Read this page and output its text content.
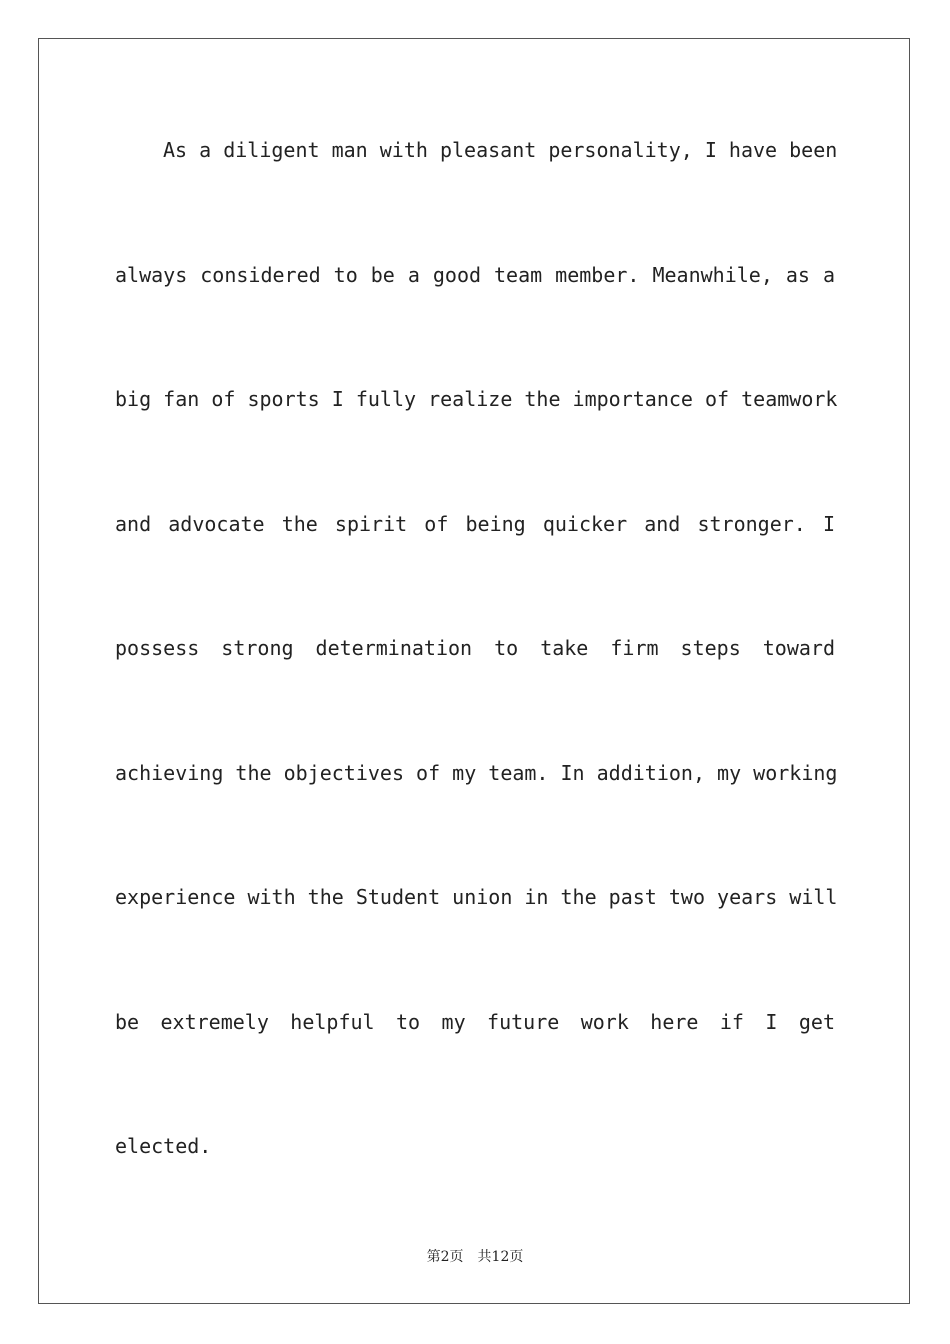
As a diligent man with pleasant personality, I have been
always considered to be a good team member. Meanwhile, as a
big fan of sports I fully realize the importance of teamwork
and advocate the spirit of being quicker and stronger. I
possess strong determination to take firm steps toward
achieving the objectives of my team. In addition, my working
experience with the Student union in the past two years will
be extremely helpful to my future work here if I get
elected.
第2页　共12页
